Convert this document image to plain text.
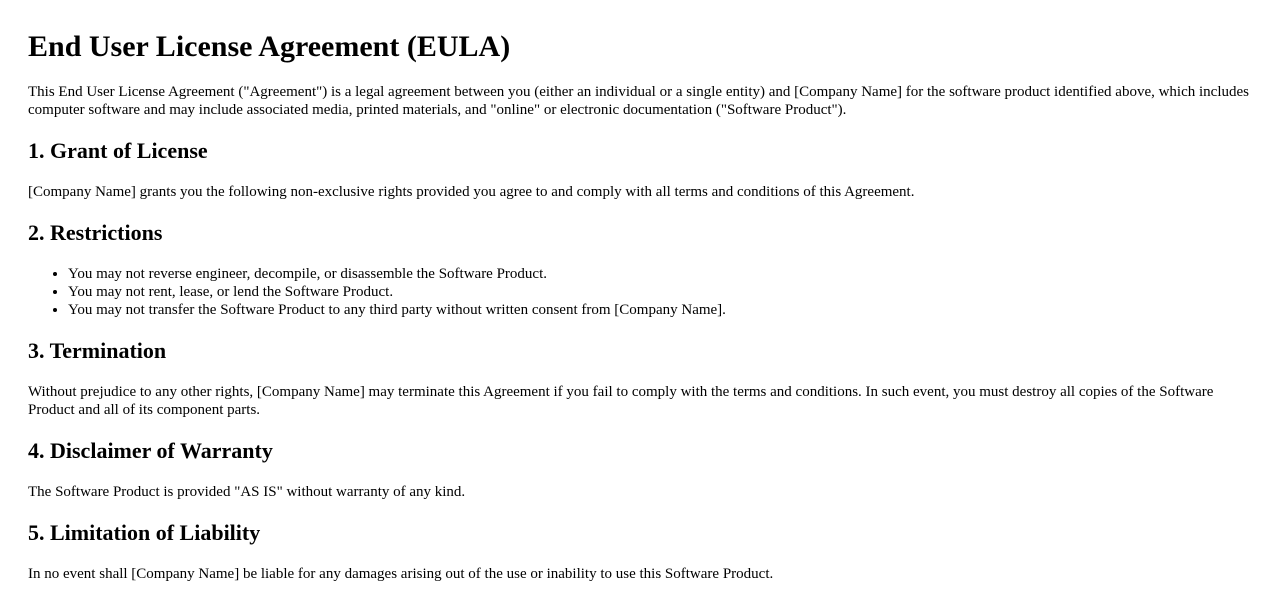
End User License Agreement (EULA)

This End User License Agreement ("Agreement") is a legal agreement between you (either an individual or a single entity) and [Company Name] for the software product identified above, which includes computer software and may include associated media, printed materials, and "online" or electronic documentation ("Software Product").

1. Grant of License

[Company Name] grants you the following non-exclusive rights provided you agree to and comply with all terms and conditions of this Agreement.

2. Restrictions
• You may not reverse engineer, decompile, or disassemble the Software Product.
• You may not rent, lease, or lend the Software Product.
• You may not transfer the Software Product to any third party without written consent from [Company Name].
3. Termination

Without prejudice to any other rights, [Company Name] may terminate this Agreement if you fail to comply with the terms and conditions. In such event, you must destroy all copies of the Software Product and all of its component parts.

4. Disclaimer of Warranty

The Software Product is provided "AS IS" without warranty of any kind.

5. Limitation of Liability

In no event shall [Company Name] be liable for any damages arising out of the use or inability to use this Software Product.
